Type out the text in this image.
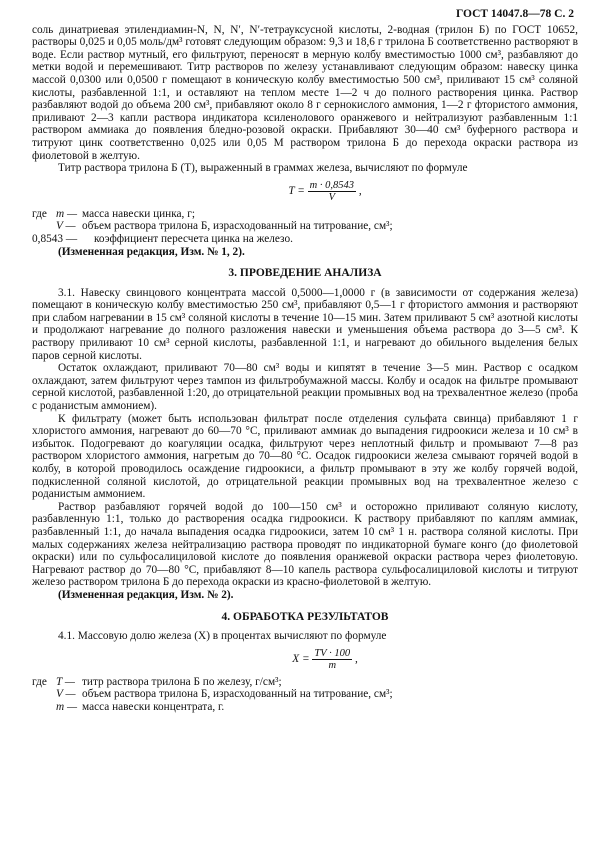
ГОСТ 14047.8—78 С. 2

соль динатриевая этилендиамин-N, N, N′, N′-тетрауксусной кислоты, 2-водная (трилон Б) по ГОСТ 10652, растворы 0,025 и 0,05 моль/дм³ готовят следующим образом: 9,3 и 18,6 г трилона Б соответственно растворяют в воде. Если раствор мутный, его фильтруют, переносят в мерную колбу вместимостью 1000 см³, разбавляют до метки водой и перемешивают. Титр растворов по железу устанавливают следующим образом: навеску цинка массой 0,0300 или 0,0500 г помещают в коническую колбу вместимостью 500 см³, приливают 15 см³ соляной кислоты, разбавленной 1:1, и оставляют на теплом месте 1—2 ч до полного растворения цинка. Раствор разбавляют водой до объема 200 см³, прибавляют около 8 г сернокислого аммония, 1—2 г фтористого аммония, приливают 2—3 капли раствора индикатора ксиленолового оранжевого и нейтрализуют разбавленным 1:1 раствором аммиака до появления бледно-розовой окраски. Прибавляют 30—40 см³ буферного раствора и титруют цинк соответственно 0,025 или 0,05 М раствором трилона Б до перехода окраски раствора из фиолетовой в желтую.

Титр раствора трилона Б (T), выраженный в граммах железа, вычисляют по формуле

$T = \frac{m \cdot 0,8543}{V}$ ,
где m — масса навески цинка, г;
V — объем раствора трилона Б, израсходованный на титрование, см³;
0,8543 —	коэффициент пересчета цинка на железо.
(Измененная редакция, Изм. № 1, 2).
3. ПРОВЕДЕНИЕ АНАЛИЗА

3.1. Навеску свинцового концентрата массой 0,5000—1,0000 г (в зависимости от содержания железа) помещают в коническую колбу вместимостью 250 см³, прибавляют 0,5—1 г фтористого аммония и растворяют при слабом нагревании в 15 см³ соляной кислоты в течение 10—15 мин. Затем приливают 5 см³ азотной кислоты и продолжают нагревание до полного разложения навески и уменьшения объема раствора до 3—5 см³. К раствору приливают 10 см³ серной кислоты, разбавленной 1:1, и нагревают до обильного выделения белых паров серной кислоты.

Остаток охлаждают, приливают 70—80 см³ воды и кипятят в течение 3—5 мин. Раствор с осадком охлаждают, затем фильтруют через тампон из фильтробумажной массы. Колбу и осадок на фильтре промывают серной кислотой, разбавленной 1:20, до отрицательной реакции промывных вод на трехвалентное железо (проба с роданистым аммонием).

К фильтрату (может быть использован фильтрат после отделения сульфата свинца) прибавляют 1 г хлористого аммония, нагревают до 60—70 °C, приливают аммиак до выпадения гидроокиси железа и 10 см³ в избыток. Подогревают до коагуляции осадка, фильтруют через неплотный фильтр и промывают 7—8 раз раствором хлористого аммония, нагретым до 70—80 °C. Осадок гидроокиси железа смывают горячей водой в колбу, в которой проводилось осаждение гидроокиси, а фильтр промывают в эту же колбу горячей водой, подкисленной соляной кислотой, до отрицательной реакции промывных вод на трехвалентное железо с роданистым аммонием.

Раствор разбавляют горячей водой до 100—150 см³ и осторожно приливают соляную кислоту, разбавленную 1:1, только до растворения осадка гидроокиси. К раствору прибавляют по каплям аммиак, разбавленный 1:1, до начала выпадения осадка гидроокиси, затем 10 см³ 1 н. раствора соляной кислоты. При малых содержаниях железа нейтрализацию раствора проводят по индикаторной бумаге конго (до фиолетовой окраски) или по сульфосалициловой кислоте до появления оранжевой окраски раствора через фиолетовую. Нагревают раствор до 70—80 °C, прибавляют 8—10 капель раствора сульфосалициловой кислоты и титруют железо раствором трилона Б до перехода окраски из красно-фиолетовой в желтую.

(Измененная редакция, Изм. № 2).
4. ОБРАБОТКА РЕЗУЛЬТАТОВ

4.1. Массовую долю железа (X) в процентах вычисляют по формуле

$X = \frac{TV \cdot 100}{m}$ ,
где T — титр раствора трилона Б по железу, г/см³;
V — объем раствора трилона Б, израсходованный на титрование, см³;
m — масса навески концентрата, г.
